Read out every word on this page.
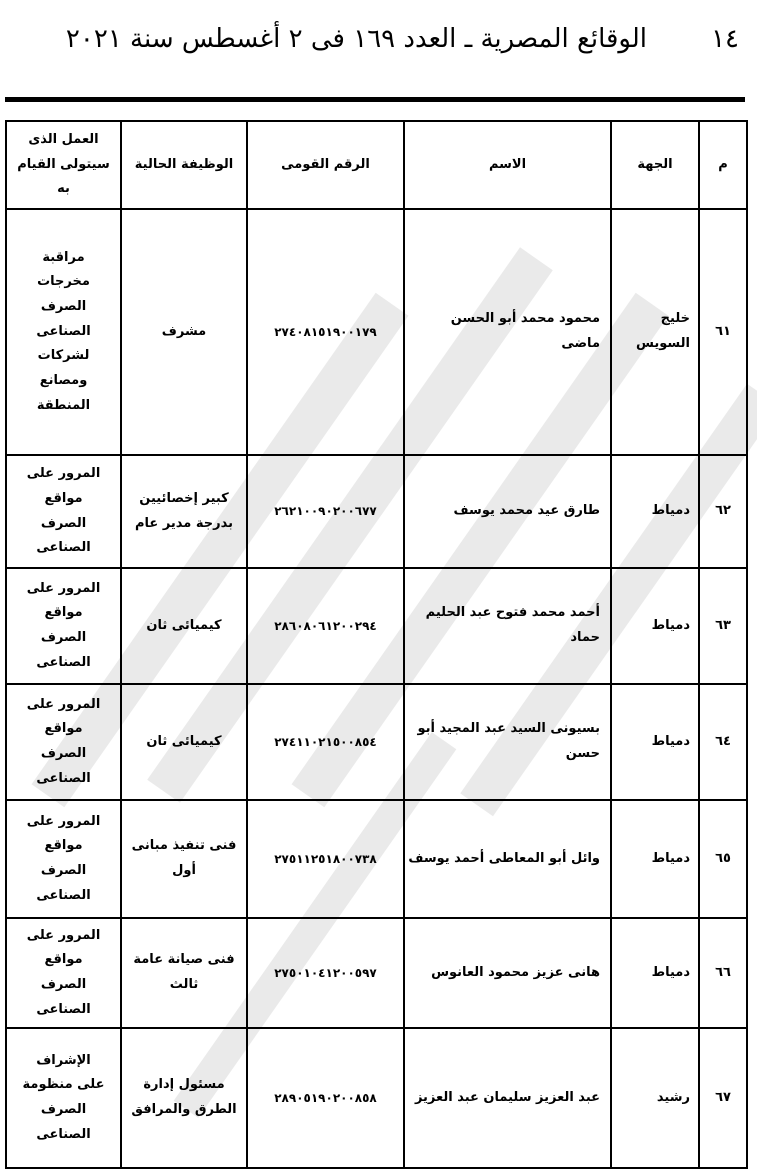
١٤
الوقائع المصرية ـ العدد ١٦٩ فى ٢ أغسطس سنة ٢٠٢١
م	الجهة	الاسم	الرقم القومى	الوظيفة الحالية	العمل الذى سيتولى القيام به
٦١	خليج السويس	محمود محمد أبو الحسن ماضى	٢٧٤٠٨١٥١٩٠٠١٧٩	مشرف	مراقبة مخرجات الصرف الصناعى لشركات ومصانع المنطقة
٦٢	دمياط	طارق عيد محمد يوسف	٢٦٢١٠٠٩٠٢٠٠٦٧٧	كبير إخصائيين بدرجة مدير عام	المرور على مواقع الصرف الصناعى
٦٣	دمياط	أحمد محمد فتوح عبد الحليم حماد	٢٨٦٠٨٠٦١٢٠٠٢٩٤	كيميائى ثان	المرور على مواقع الصرف الصناعى
٦٤	دمياط	بسيونى السيد عبد المجيد أبو حسن	٢٧٤١١٠٢١٥٠٠٨٥٤	كيميائى ثان	المرور على مواقع الصرف الصناعى
٦٥	دمياط	وائل أبو المعاطى أحمد يوسف	٢٧٥١١٢٥١٨٠٠٧٣٨	فنى تنفيذ مبانى أول	المرور على مواقع الصرف الصناعى
٦٦	دمياط	هانى عزيز محمود العانوس	٢٧٥٠١٠٤١٢٠٠٥٩٧	فنى صيانة عامة ثالث	المرور على مواقع الصرف الصناعى
٦٧	رشيد	عبد العزيز سليمان عبد العزيز	٢٨٩٠٥١٩٠٢٠٠٨٥٨	مسئول إدارة الطرق والمرافق	الإشراف على منظومة الصرف الصناعى
